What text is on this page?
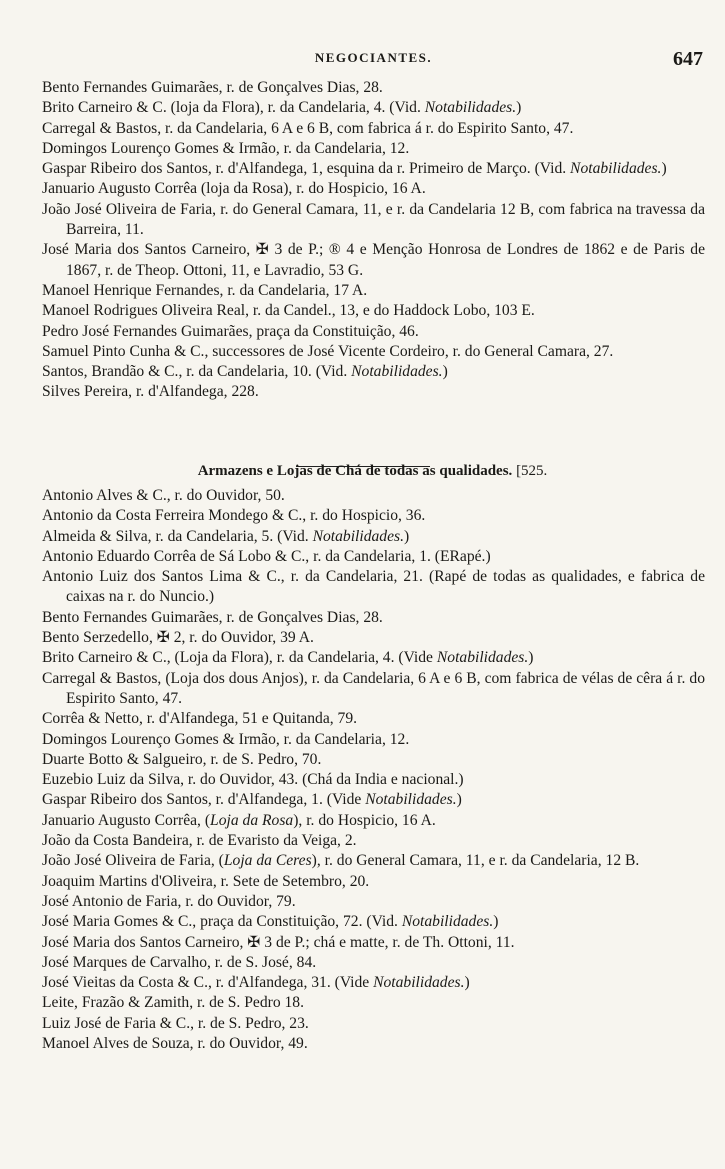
NEGOCIANTES.	647
Bento Fernandes Guimarães, r. de Gonçalves Dias, 28.
Brito Carneiro & C. (loja da Flora), r. da Candelaria, 4. (Vid. Notabilidades.)
Carregal & Bastos, r. da Candelaria, 6 A e 6 B, com fabrica á r. do Espirito Santo, 47.
Domingos Lourenço Gomes & Irmão, r. da Candelaria, 12.
Gaspar Ribeiro dos Santos, r. d'Alfandega, 1, esquina da r. Primeiro de Março. (Vid. Notabilidades.)
Januario Augusto Corrêa (loja da Rosa), r. do Hospicio, 16 A.
João José Oliveira de Faria, r. do General Camara, 11, e r. da Candelaria 12 B, com fabrica na travessa da Barreira, 11.
José Maria dos Santos Carneiro, ✠ 3 de P.; ® 4 e Menção Honrosa de Londres de 1862 e de Paris de 1867, r. de Theop. Ottoni, 11, e Lavradio, 53 G.
Manoel Henrique Fernandes, r. da Candelaria, 17 A.
Manoel Rodrigues Oliveira Real, r. da Candel., 13, e do Haddock Lobo, 103 E.
Pedro José Fernandes Guimarães, praça da Constituição, 46.
Samuel Pinto Cunha & C., successores de José Vicente Cordeiro, r. do General Camara, 27.
Santos, Brandão & C., r. da Candelaria, 10. (Vid. Notabilidades.)
Silves Pereira, r. d'Alfandega, 228.
Armazens e Lojas de Chá de todas as qualidades. [525.
Antonio Alves & C., r. do Ouvidor, 50.
Antonio da Costa Ferreira Mondego & C., r. do Hospicio, 36.
Almeida & Silva, r. da Candelaria, 5. (Vid. Notabilidades.)
Antonio Eduardo Corrêa de Sá Lobo & C., r. da Candelaria, 1. (ERapé.)
Antonio Luiz dos Santos Lima & C., r. da Candelaria, 21. (Rapé de todas as qualidades, e fabrica de caixas na r. do Nuncio.)
Bento Fernandes Guimarães, r. de Gonçalves Dias, 28.
Bento Serzedello, ✠ 2, r. do Ouvidor, 39 A.
Brito Carneiro & C., (Loja da Flora), r. da Candelaria, 4. (Vide Notabilidades.)
Carregal & Bastos, (Loja dos dous Anjos), r. da Candelaria, 6 A e 6 B, com fabrica de vélas de cêra á r. do Espirito Santo, 47.
Corrêa & Netto, r. d'Alfandega, 51 e Quitanda, 79.
Domingos Lourenço Gomes & Irmão, r. da Candelaria, 12.
Duarte Botto & Salgueiro, r. de S. Pedro, 70.
Euzebio Luiz da Silva, r. do Ouvidor, 43. (Chá da India e nacional.)
Gaspar Ribeiro dos Santos, r. d'Alfandega, 1. (Vide Notabilidades.)
Januario Augusto Corrêa, (Loja da Rosa), r. do Hospicio, 16 A.
João da Costa Bandeira, r. de Evaristo da Veiga, 2.
João José Oliveira de Faria, (Loja da Ceres), r. do General Camara, 11, e r. da Candelaria, 12 B.
Joaquim Martins d'Oliveira, r. Sete de Setembro, 20.
José Antonio de Faria, r. do Ouvidor, 79.
José Maria Gomes & C., praça da Constituição, 72. (Vid. Notabilidades.)
José Maria dos Santos Carneiro, ✠ 3 de P.; chá e matte, r. de Th. Ottoni, 11.
José Marques de Carvalho, r. de S. José, 84.
José Vieitas da Costa & C., r. d'Alfandega, 31. (Vide Notabilidades.)
Leite, Frazão & Zamith, r. de S. Pedro 18.
Luiz José de Faria & C., r. de S. Pedro, 23.
Manoel Alves de Souza, r. do Ouvidor, 49.
